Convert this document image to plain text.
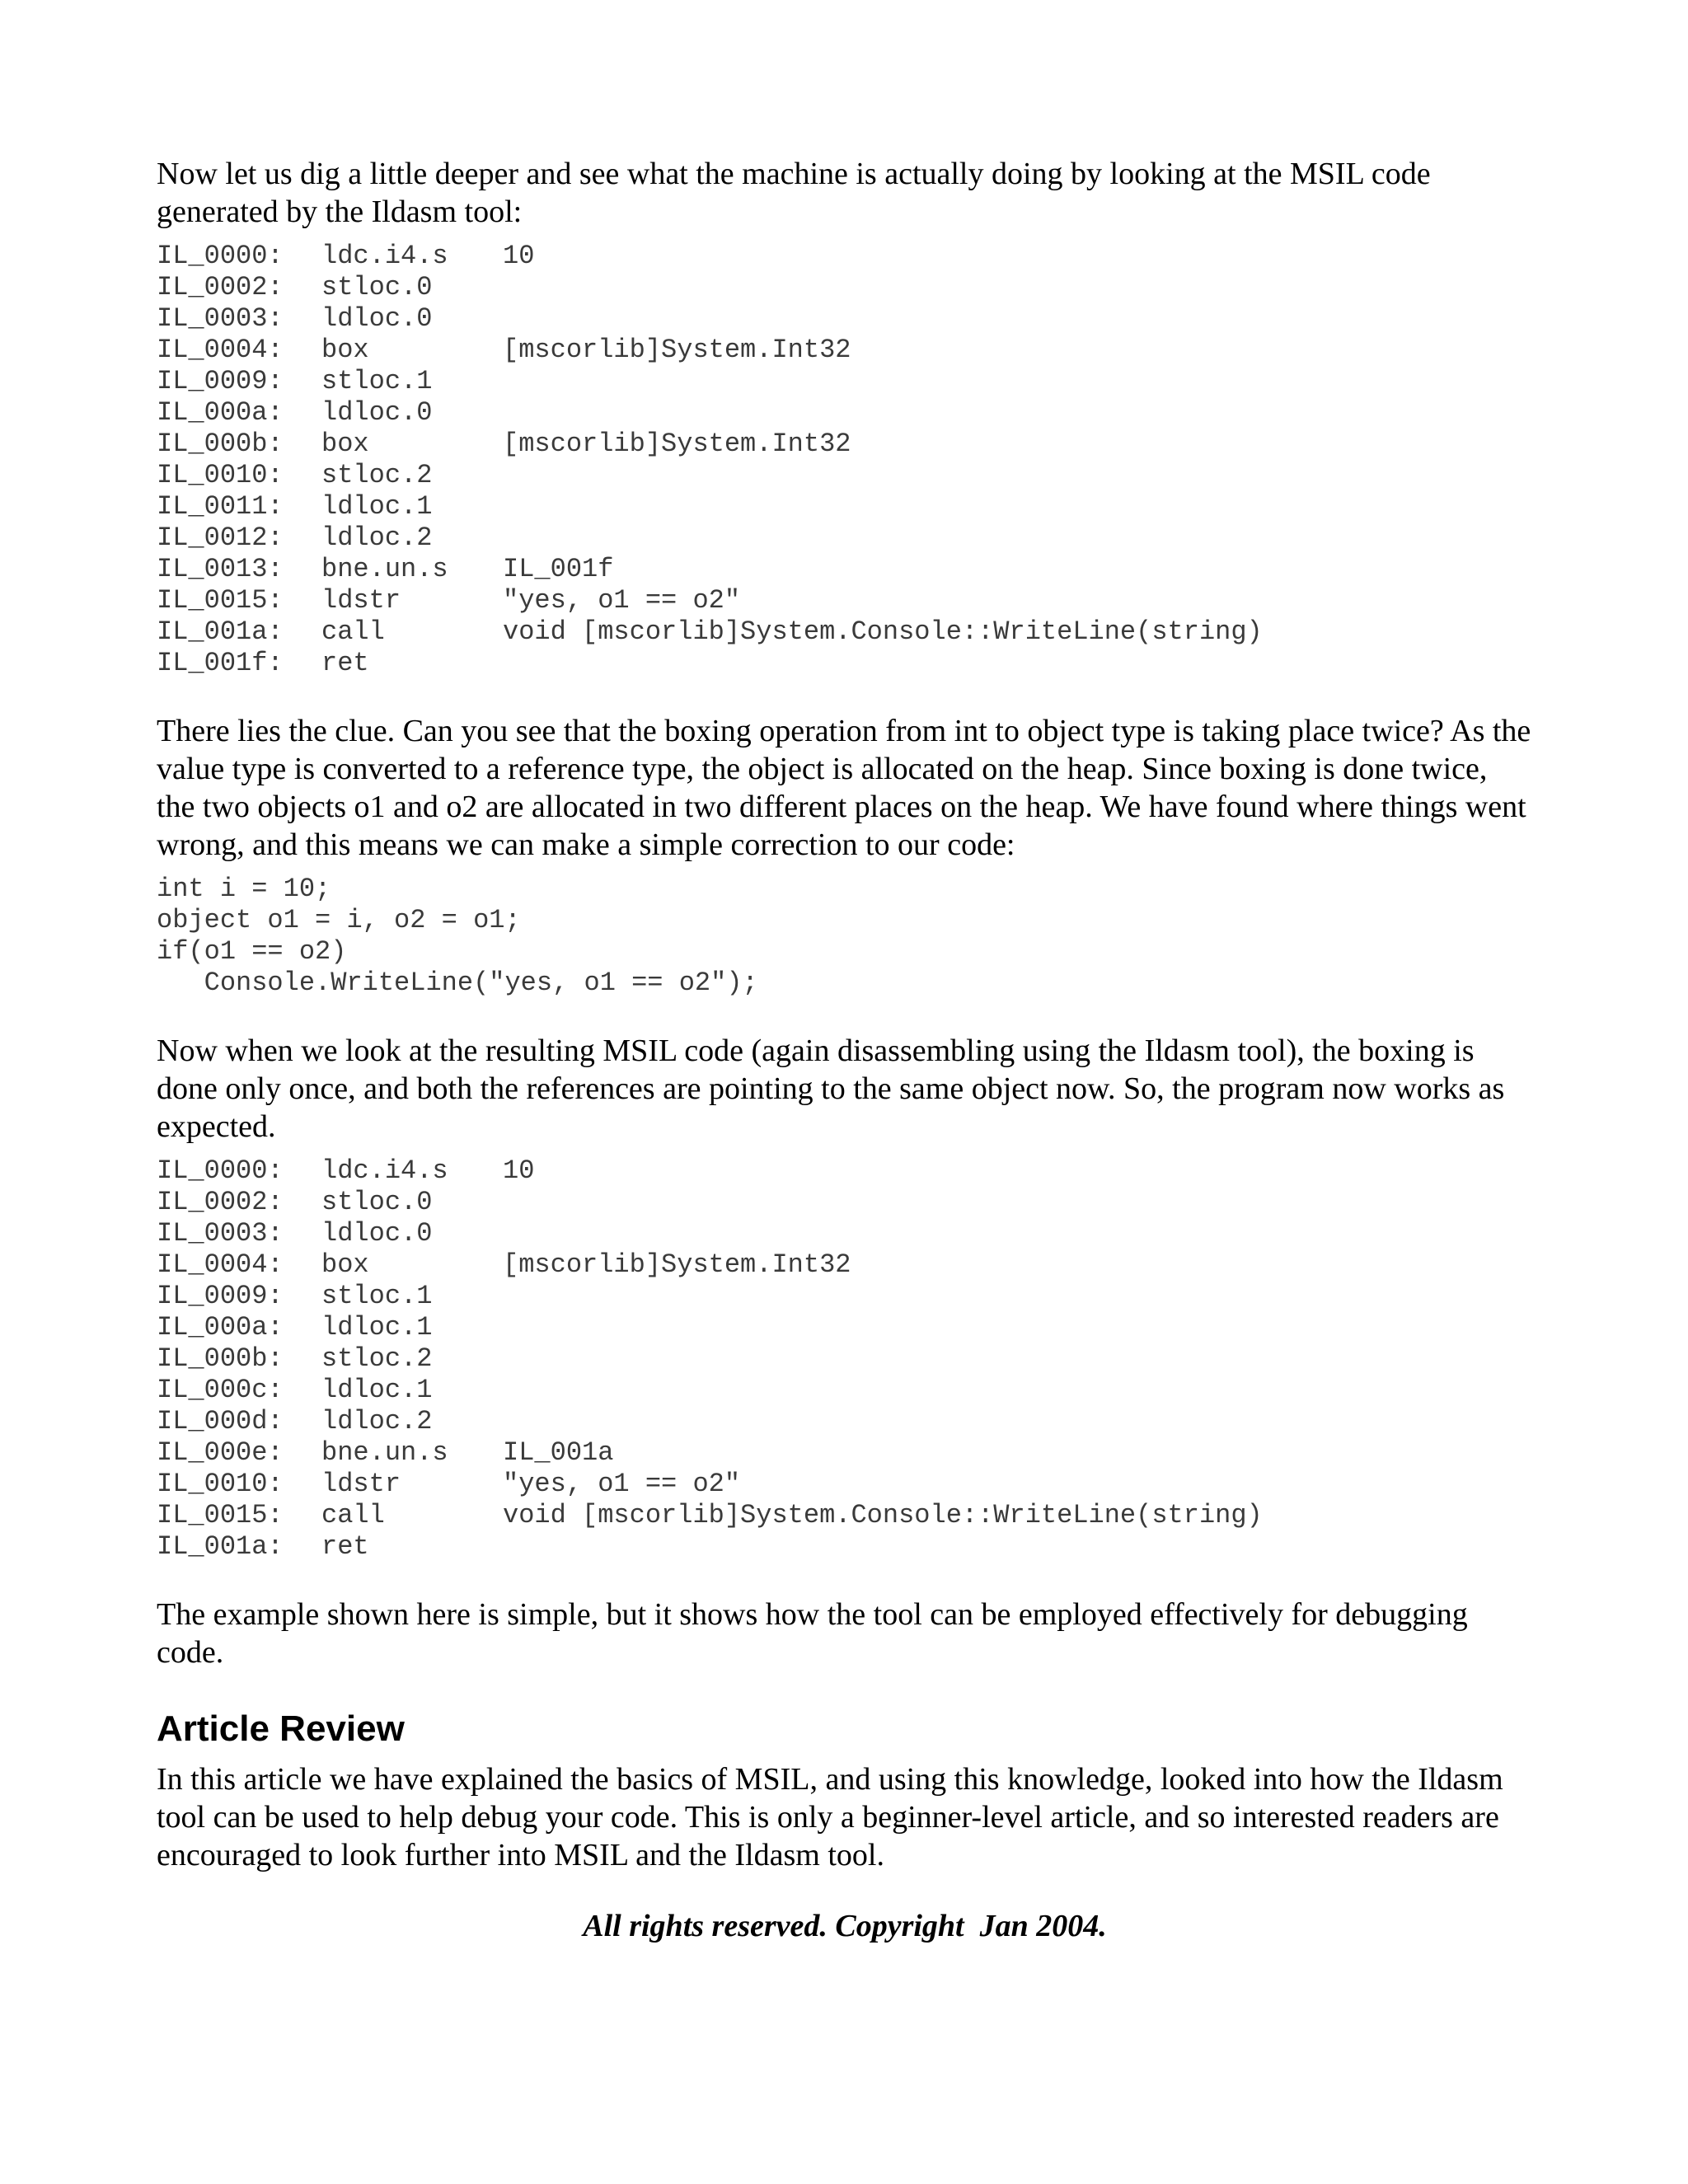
Now let us dig a little deeper and see what the machine is actually doing by looking at the MSIL code generated by the Ildasm tool:

IL_0000: ldc.i4.s 10
IL_0002: stloc.0
IL_0003: ldloc.0
IL_0004: box	[mscorlib]System.Int32
IL_0009: stloc.1
IL_000a: ldloc.0
IL_000b: box	[mscorlib]System.Int32
IL_0010: stloc.2
IL_0011: ldloc.1
IL_0012: ldloc.2
IL_0013: bne.un.s IL_001f
IL_0015: ldstr	"yes, o1 == o2"
IL_001a: call	void [mscorlib]System.Console::WriteLine(string)
IL_001f: ret

There lies the clue. Can you see that the boxing operation from int to object type is taking place twice? As the value type is converted to a reference type, the object is allocated on the heap. Since boxing is done twice, the two objects o1 and o2 are allocated in two different places on the heap. We have found where things went wrong, and this means we can make a simple correction to our code:

int i = 10;
object o1 = i, o2 = o1;
if(o1 == o2)
Console.WriteLine("yes, o1 == o2");

Now when we look at the resulting MSIL code (again disassembling using the Ildasm tool), the boxing is done only once, and both the references are pointing to the same object now. So, the program now works as expected.

IL_0000: ldc.i4.s 10
IL_0002: stloc.0
IL_0003: ldloc.0
IL_0004: box	[mscorlib]System.Int32
IL_0009: stloc.1
IL_000a: ldloc.1
IL_000b: stloc.2
IL_000c: ldloc.1
IL_000d: ldloc.2
IL_000e: bne.un.s IL_001a
IL_0010: ldstr	"yes, o1 == o2"
IL_0015: call	void [mscorlib]System.Console::WriteLine(string)
IL_001a: ret

The example shown here is simple, but it shows how the tool can be employed effectively for debugging code.

Article Review

In this article we have explained the basics of MSIL, and using this knowledge, looked into how the Ildasm tool can be used to help debug your code. This is only a beginner-level article, and so interested readers are encouraged to look further into MSIL and the Ildasm tool.

All rights reserved. Copyright  Jan 2004.
